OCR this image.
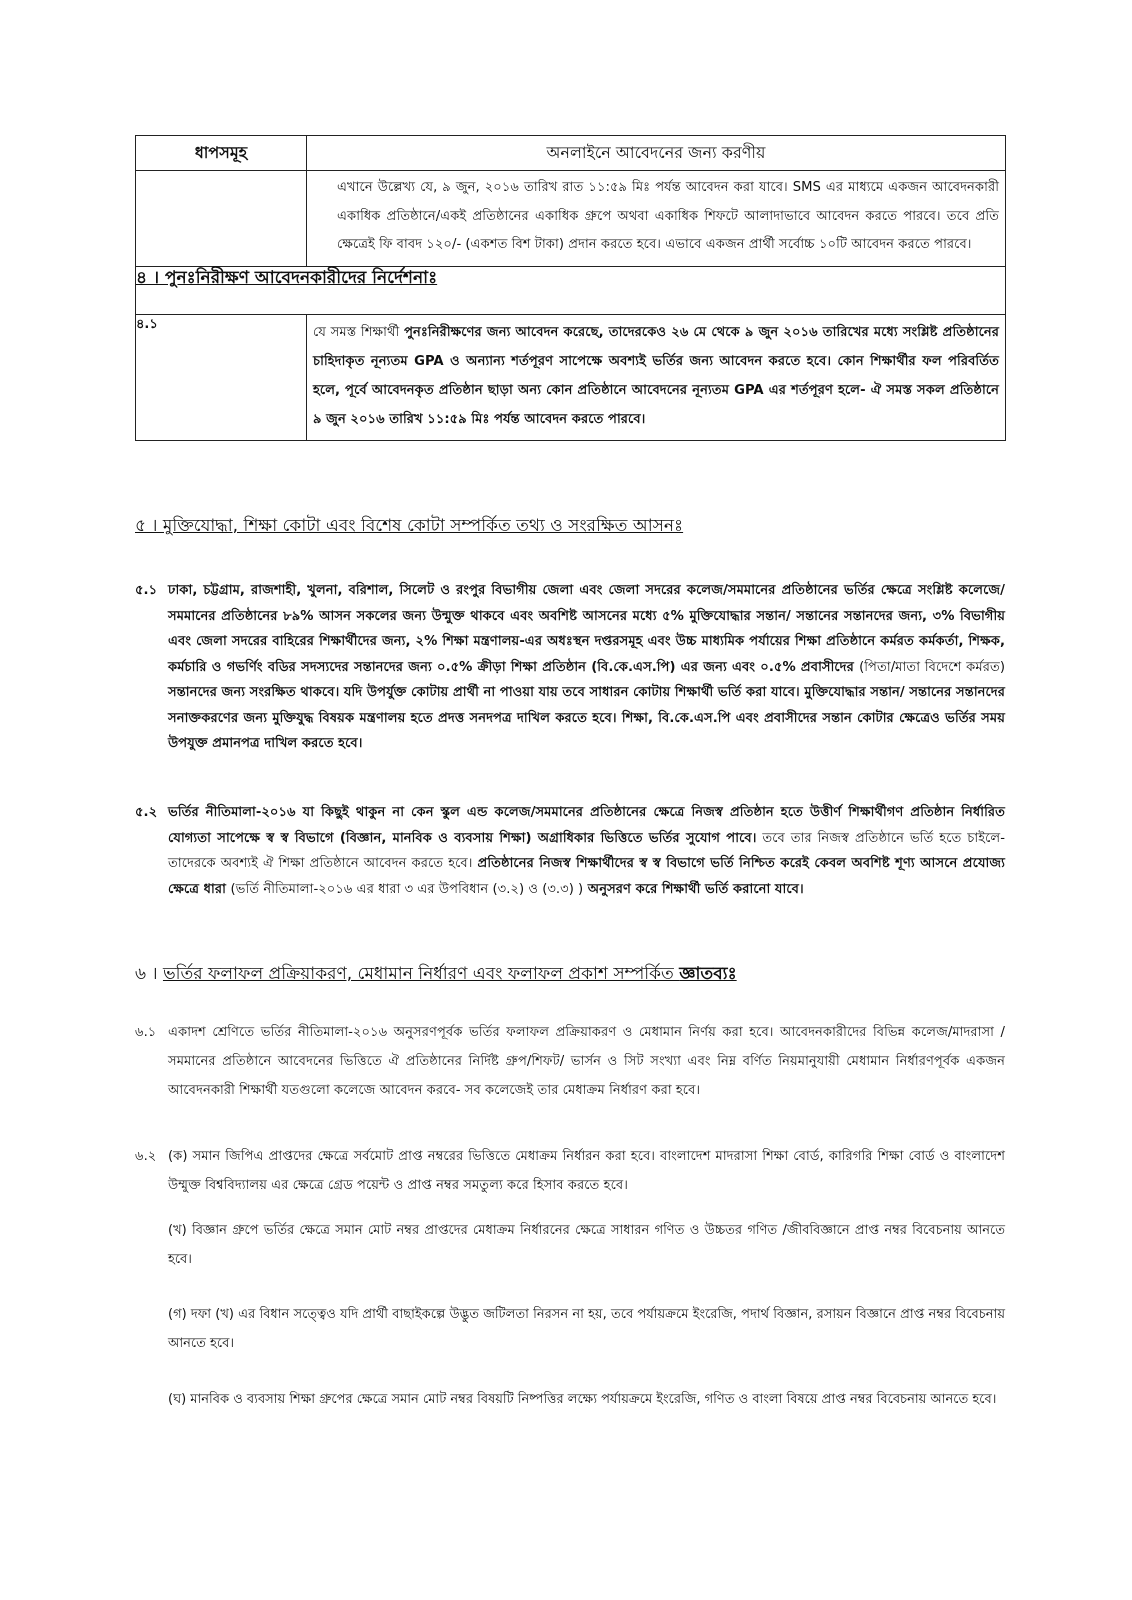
ধাপসমূহ	অনলাইনে আবেদনের জন্য করণীয়

	এখানে উল্লেখ্য যে, ৯ জুন, ২০১৬ তারিখ রাত ১১:৫৯ মিঃ পর্যন্ত আবেদন করা যাবে। SMS এর মাধ্যমে একজন আবেদনকারী একাধিক প্রতিষ্ঠানে/একই প্রতিষ্ঠানের একাধিক গ্রুপে অথবা একাধিক শিফটে আলাদাভাবে আবেদন করতে পারবে। তবে প্রতি ক্ষেত্রেই ফি বাবদ ১২০/- (একশত বিশ টাকা) প্রদান করতে হবে। এভাবে একজন প্রার্থী সর্বোচ্চ ১০টি আবেদন করতে পারবে।

৪ । পুনঃনিরীক্ষণ আবেদনকারীদের নির্দেশনাঃ	
৪.১	যে সমস্ত শিক্ষার্থী পুনঃনিরীক্ষণের জন্য আবেদন করেছে, তাদেরকেও ২৬ মে থেকে ৯ জুন ২০১৬ তারিখের মধ্যে সংশ্লিষ্ট প্রতিষ্ঠানের চাহিদাকৃত নূন্যতম GPA ও অন্যান্য শর্তপূরণ সাপেক্ষে অবশ্যই ভর্তির জন্য আবেদন করতে হবে। কোন শিক্ষার্থীর ফল পরিবর্তিত হলে, পূর্বে আবেদনকৃত প্রতিষ্ঠান ছাড়া অন্য কোন প্রতিষ্ঠানে আবেদনের নূন্যতম GPA এর শর্তপূরণ হলে- ঐ সমস্ত সকল প্রতিষ্ঠানে ৯ জুন ২০১৬ তারিখ ১১:৫৯ মিঃ পর্যন্ত আবেদন করতে পারবে।
৫ । মুক্তিযোদ্ধা, শিক্ষা কোটা এবং বিশেষ কোটা সম্পর্কিত তথ্য ও সংরক্ষিত আসনঃ
৫.১ ঢাকা, চট্টগ্রাম, রাজশাহী, খুলনা, বরিশাল, সিলেট ও রংপুর বিভাগীয় জেলা এবং জেলা সদরের কলেজ/সমমানের প্রতিষ্ঠানের ভর্তির ক্ষেত্রে সংশ্লিষ্ট কলেজে/ সমমানের প্রতিষ্ঠানের ৮৯% আসন সকলের জন্য উন্মুক্ত থাকবে এবং অবশিষ্ট আসনের মধ্যে ৫% মুক্তিযোদ্ধার সন্তান/ সন্তানের সন্তানদের জন্য, ৩% বিভাগীয় এবং জেলা সদরের বাহিরের শিক্ষার্থীদের জন্য, ২% শিক্ষা মন্ত্রণালয়-এর অধঃস্থন দপ্তরসমূহ এবং উচ্চ মাধ্যমিক পর্যায়ের শিক্ষা প্রতিষ্ঠানে কর্মরত কর্মকর্তা, শিক্ষক, কর্মচারি ও গভর্ণিং বডির সদস্যদের সন্তানদের জন্য ০.৫% ক্রীড়া শিক্ষা প্রতিষ্ঠান (বি.কে.এস.পি) এর জন্য এবং ০.৫% প্রবাসীদের (পিতা/মাতা বিদেশে কর্মরত) সন্তানদের জন্য সংরক্ষিত থাকবে। যদি উপর্যুক্ত কোটায় প্রার্থী না পাওয়া যায় তবে সাধারন কোটায় শিক্ষার্থী ভর্তি করা যাবে। মুক্তিযোদ্ধার সন্তান/ সন্তানের সন্তানদের সনাক্তকরণের জন্য মুক্তিযুদ্ধ বিষয়ক মন্ত্রণালয় হতে প্রদত্ত সনদপত্র দাখিল করতে হবে। শিক্ষা, বি.কে.এস.পি এবং প্রবাসীদের সন্তান কোটার ক্ষেত্রেও ভর্তির সময় উপযুক্ত প্রমানপত্র দাখিল করতে হবে।
৫.২ ভর্তির নীতিমালা-২০১৬ যা কিছুই থাকুন না কেন স্কুল এন্ড কলেজ/সমমানের প্রতিষ্ঠানের ক্ষেত্রে নিজস্ব প্রতিষ্ঠান হতে উত্তীর্ণ শিক্ষার্থীগণ প্রতিষ্ঠান নির্ধারিত যোগ্যতা সাপেক্ষে স্ব স্ব বিভাগে (বিজ্ঞান, মানবিক ও ব্যবসায় শিক্ষা) অগ্রাধিকার ভিত্তিতে ভর্তির সুযোগ পাবে। তবে তার নিজস্ব প্রতিষ্ঠানে ভর্তি হতে চাইলে- তাদেরকে অবশ্যই ঐ শিক্ষা প্রতিষ্ঠানে আবেদন করতে হবে। প্রতিষ্ঠানের নিজস্ব শিক্ষার্থীদের স্ব স্ব বিভাগে ভর্তি নিশ্চিত করেই কেবল অবশিষ্ট শূণ্য আসনে প্রযোজ্য ক্ষেত্রে ধারা (ভর্তি নীতিমালা-২০১৬ এর ধারা ৩ এর উপবিধান (৩.২) ও (৩.৩) ) অনুসরণ করে শিক্ষার্থী ভর্তি করানো যাবে।
৬ । ভর্তির ফলাফল প্রক্রিয়াকরণ, মেধামান নির্ধারণ এবং ফলাফল প্রকাশ সম্পর্কিত জ্ঞাতব্যঃ
৬.১ একাদশ শ্রেণিতে ভর্তির নীতিমালা-২০১৬ অনুসরণপূর্বক ভর্তির ফলাফল প্রক্রিয়াকরণ ও মেধামান নির্ণয় করা হবে। আবেদনকারীদের বিভিন্ন কলেজ/মাদরাসা /সমমানের প্রতিষ্ঠানে আবেদনের ভিত্তিতে ঐ প্রতিষ্ঠানের নির্দিষ্ট গ্রুপ/শিফট/ ভার্সন ও সিট সংখ্যা এবং নিম্ন বর্ণিত নিয়মানুযায়ী মেধামান নির্ধারণপূর্বক একজন আবেদনকারী শিক্ষার্থী যতগুলো কলেজে আবেদন করবে- সব কলেজেই তার মেধাক্রম নির্ধারণ করা হবে।
৬.২ (ক) সমান জিপিএ প্রাপ্তদের ক্ষেত্রে সর্বমোট প্রাপ্ত নম্বরের ভিত্তিতে মেধাক্রম নির্ধারন করা হবে। বাংলাদেশ মাদরাসা শিক্ষা বোর্ড, কারিগরি শিক্ষা বোর্ড ও বাংলাদেশ উম্মুক্ত বিশ্ববিদ্যালয় এর ক্ষেত্রে গ্রেড পয়েন্ট ও প্রাপ্ত নম্বর সমতুল্য করে হিসাব করতে হবে।
(খ) বিজ্ঞান গ্রুপে ভর্তির ক্ষেত্রে সমান মোট নম্বর প্রাপ্তদের মেধাক্রম নির্ধারনের ক্ষেত্রে সাধারন গণিত ও উচ্চতর গণিত /জীববিজ্ঞানে প্রাপ্ত নম্বর বিবেচনায় আনতে হবে।
(গ) দফা (খ) এর বিধান সত্ত্বেও যদি প্রার্থী বাছাইকল্পে উদ্ভুত জটিলতা নিরসন না হয়, তবে পর্যায়ক্রমে ইংরেজি, পদার্থ বিজ্ঞান, রসায়ন বিজ্ঞানে প্রাপ্ত নম্বর বিবেচনায় আনতে হবে।
(ঘ) মানবিক ও ব্যবসায় শিক্ষা গ্রুপের ক্ষেত্রে সমান মোট নম্বর বিষয়টি নিষ্পত্তির লক্ষ্যে পর্যায়ক্রমে ইংরেজি, গণিত ও বাংলা বিষয়ে প্রাপ্ত নম্বর বিবেচনায় আনতে হবে।
